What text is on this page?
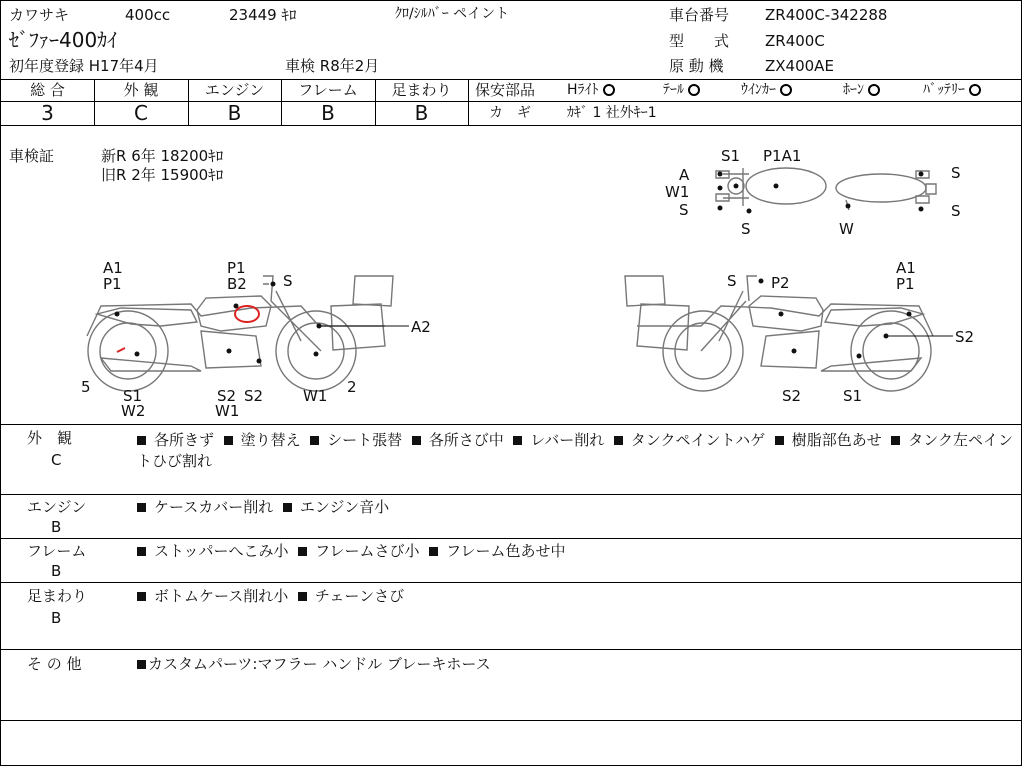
カワサキ	400cc	23449 ｷﾛ	ｸﾛ/ｼﾙﾊﾞｰ ペイント	車台番号 ZR400C-342288
ｾﾞﾌｧｰ400ｶｲ	型　　式 ZR400C
初年度登録 H17年4月	車検 R8年2月	原 動 機	ZX400AE
総 合	外 観	エンジン	フレーム	足まわり
3	C	B	B	B
保安部品 Hﾗｲﾄ	ﾃｰﾙ	ｳｲﾝｶｰ	ﾎｰﾝ	ﾊﾞｯﾃﾘｰ
カ　ギ	ｶｷﾞ 1 社外ｷｰ1
車検証	新R 6年 18200ｷﾛ
旧R 2年 15900ｷﾛ
A1
P1
P1
B2 S
A2
5 S1
W2
S2
W1
S2	W1 2
S P2
A1
P1
S2
S2	S1
S1 P1A1
A
W1
S
S
S
S
W
外　観
C
各所きず 塗り替え シート張替 各所さび中 レバー削れ タンクペイントハゲ 樹脂部色あせ タンク左ペイントひび割れ
エンジン
B
ケースカバー削れ エンジン音小
フレーム
B
ストッパーへこみ小 フレームさび小 フレーム色あせ中
足まわり
B
ボトムケース削れ小 チェーンさび
そ の 他	カスタムパーツ:マフラー ハンドル ブレーキホース
